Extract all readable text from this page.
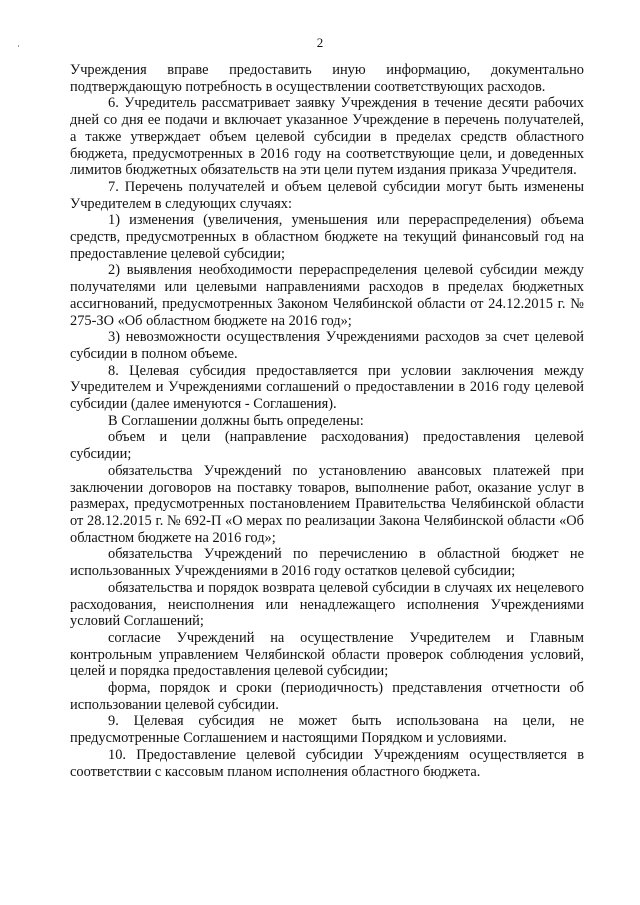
2

Учреждения вправе предоставить иную информацию, документально подтверждающую потребность в осуществлении соответствующих расходов.

6. Учредитель рассматривает заявку Учреждения в течение десяти рабочих дней со дня ее подачи и включает указанное Учреждение в перечень получателей, а также утверждает объем целевой субсидии в пределах средств областного бюджета, предусмотренных в 2016 году на соответствующие цели, и доведенных лимитов бюджетных обязательств на эти цели путем издания приказа Учредителя.

7. Перечень получателей и объем целевой субсидии могут быть изменены Учредителем в следующих случаях:

1) изменения (увеличения, уменьшения или перераспределения) объема средств, предусмотренных в областном бюджете на текущий финансовый год на предоставление целевой субсидии;

2) выявления необходимости перераспределения целевой субсидии между получателями или целевыми направлениями расходов в пределах бюджетных ассигнований, предусмотренных Законом Челябинской области от 24.12.2015 г. № 275-ЗО «Об областном бюджете на 2016 год»;

3) невозможности осуществления Учреждениями расходов за счет целевой субсидии в полном объеме.

8. Целевая субсидия предоставляется при условии заключения между Учредителем и Учреждениями соглашений о предоставлении в 2016 году целевой субсидии (далее именуются - Соглашения).

В Соглашении должны быть определены:

объем и цели (направление расходования) предоставления целевой субсидии;

обязательства Учреждений по установлению авансовых платежей при заключении договоров на поставку товаров, выполнение работ, оказание услуг в размерах, предусмотренных постановлением Правительства Челябинской области от 28.12.2015 г. № 692-П «О мерах по реализации Закона Челябинской области «Об областном бюджете на 2016 год»;

обязательства Учреждений по перечислению в областной бюджет не использованных Учреждениями в 2016 году остатков целевой субсидии;

обязательства и порядок возврата целевой субсидии в случаях их нецелевого расходования, неисполнения или ненадлежащего исполнения Учреждениями условий Соглашений;

согласие Учреждений на осуществление Учредителем и Главным контрольным управлением Челябинской области проверок соблюдения условий, целей и порядка предоставления целевой субсидии;

форма, порядок и сроки (периодичность) представления отчетности об использовании целевой субсидии.

9. Целевая субсидия не может быть использована на цели, не предусмотренные Соглашением и настоящими Порядком и условиями.

10. Предоставление целевой субсидии Учреждениям осуществляется в соответствии с кассовым планом исполнения областного бюджета.
